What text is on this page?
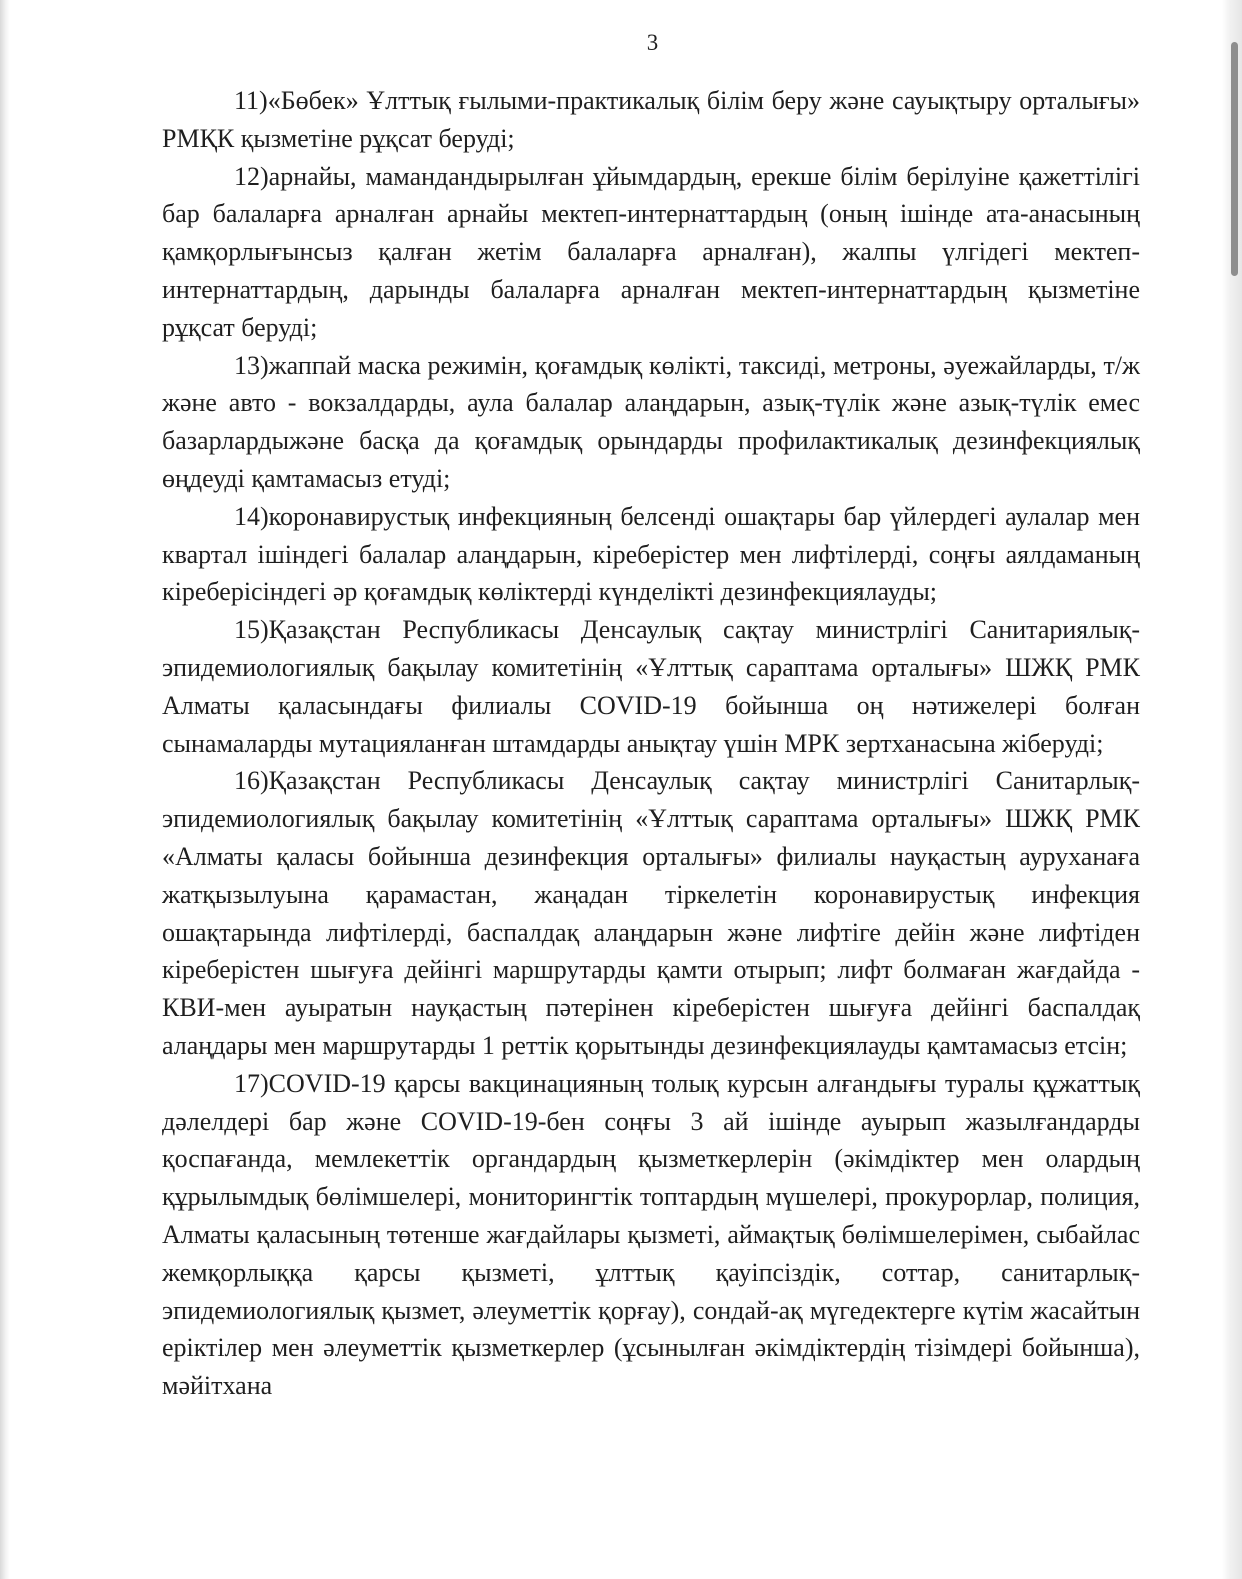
3

11)«Бөбек» Ұлттық ғылыми-практикалық білім беру және сауықтыру орталығы» РМҚК қызметіне рұқсат беруді;

12)арнайы, мамандандырылған ұйымдардың, ерекше білім берілуіне қажеттілігі бар балаларға арналған арнайы мектеп-интернаттардың (оның ішінде ата-анасының қамқорлығынсыз қалған жетім балаларға арналған), жалпы үлгідегі мектеп-интернаттардың, дарынды балаларға арналған мектеп-интернаттардың қызметіне рұқсат беруді;

13)жаппай маска режимін, қоғамдық көлікті, таксиді, метроны, әуежайларды, т/ж және авто - вокзалдарды, аула балалар алаңдарын, азық-түлік және азық-түлік емес базарлардыжәне басқа да қоғамдық орындарды профилактикалық дезинфекциялық өңдеуді қамтамасыз етуді;

14)коронавирустық инфекцияның белсенді ошақтары бар үйлердегі аулалар мен квартал ішіндегі балалар алаңдарын, кіреберістер мен лифтілерді, соңғы аялдаманың кіреберісіндегі әр қоғамдық көліктерді күнделікті дезинфекциялауды;

15)Қазақстан Республикасы Денсаулық сақтау министрлігі Санитариялық-эпидемиологиялық бақылау комитетінің «Ұлттық сараптама орталығы» ШЖҚ РМК Алматы қаласындағы филиалы COVID-19 бойынша оң нәтижелері болған сынамаларды мутацияланған штамдарды анықтау үшін МРК зертханасына жіберуді;

16)Қазақстан Республикасы Денсаулық сақтау министрлігі Санитарлық-эпидемиологиялық бақылау комитетінің «Ұлттық сараптама орталығы» ШЖҚ РМК «Алматы қаласы бойынша дезинфекция орталығы» филиалы науқастың ауруханаға жатқызылуына қарамастан, жаңадан тіркелетін коронавирустық инфекция ошақтарында лифтілерді, баспалдақ алаңдарын және лифтіге дейін және лифтіден кіреберістен шығуға дейінгі маршрутарды қамти отырып; лифт болмаған жағдайда - КВИ-мен ауыратын науқастың пәтерінен кіреберістен шығуға дейінгі баспалдақ алаңдары мен маршрутарды 1 реттік қорытынды дезинфекциялауды қамтамасыз етсін;

17)COVID-19 қарсы вакцинацияның толық курсын алғандығы туралы құжаттық дәлелдері бар және COVID-19-бен соңғы 3 ай ішінде ауырып жазылғандарды қоспағанда, мемлекеттік органдардың қызметкерлерін (әкімдіктер мен олардың құрылымдық бөлімшелері, мониторингтік топтардың мүшелері, прокурорлар, полиция, Алматы қаласының төтенше жағдайлары қызметі, аймақтық бөлімшелерімен, сыбайлас жемқорлыққа қарсы қызметі, ұлттық қауіпсіздік, соттар, санитарлық-эпидемиологиялық қызмет, әлеуметтік қорғау), сондай-ақ мүгедектерге күтім жасайтын еріктілер мен әлеуметтік қызметкерлер (ұсынылған әкімдіктердің тізімдері бойынша), мәйітхана
